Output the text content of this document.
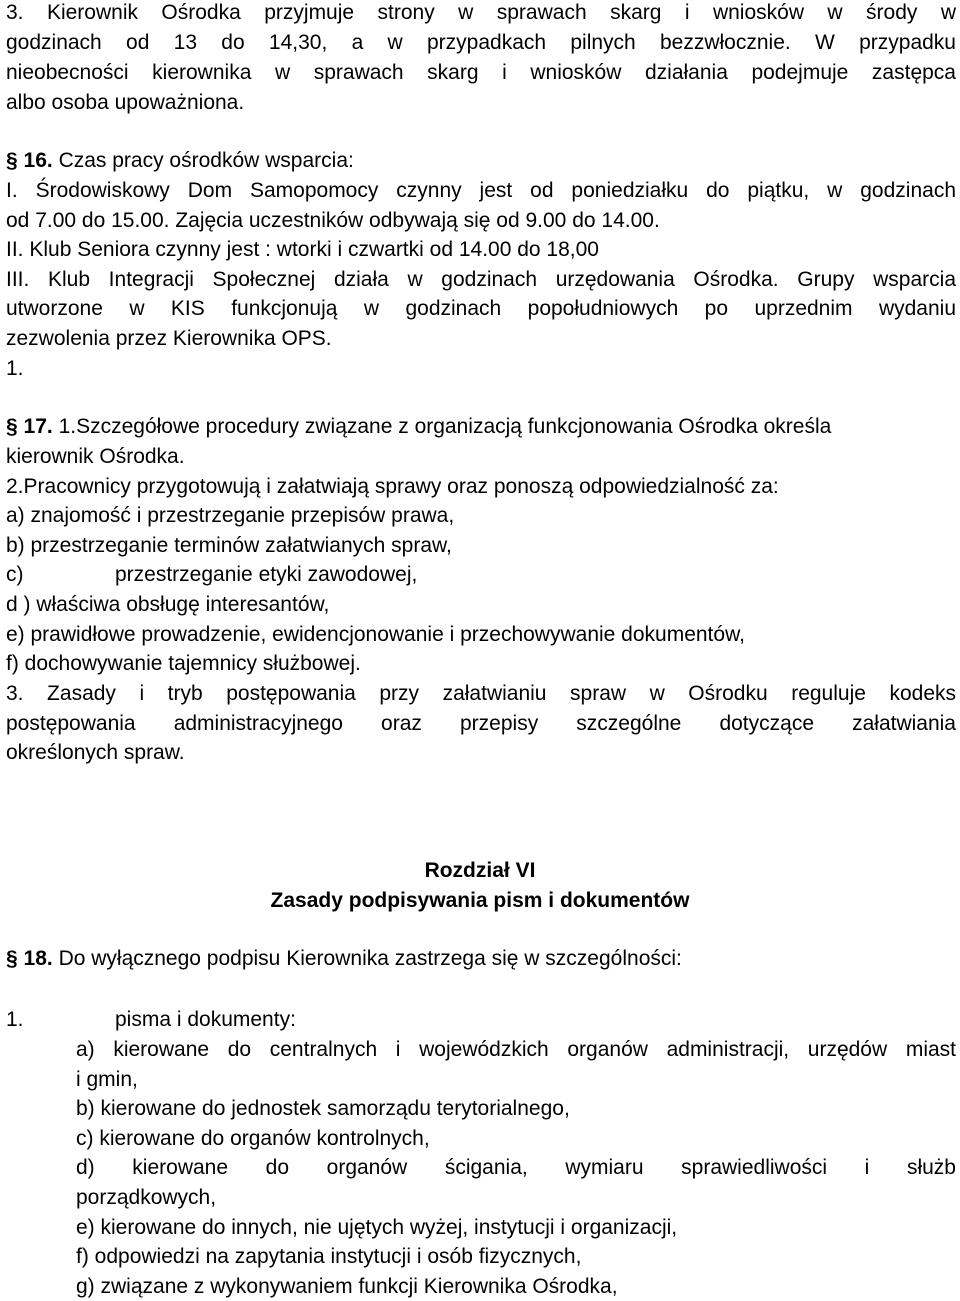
3. Kierownik Ośrodka przyjmuje strony w sprawach skarg i wniosków w środy w
godzinach od 13 do 14,30, a w przypadkach pilnych bezzwłocznie. W przypadku
nieobecności kierownika w sprawach skarg i wniosków działania podejmuje zastępca
albo osoba upoważniona.
§ 16. Czas pracy ośrodków wsparcia:
I. Środowiskowy Dom Samopomocy czynny jest od poniedziałku do piątku, w godzinach
od 7.00 do 15.00. Zajęcia uczestników odbywają się od 9.00 do 14.00.
II. Klub Seniora czynny jest : wtorki i czwartki od 14.00 do 18,00
III. Klub Integracji Społecznej działa w godzinach urzędowania Ośrodka. Grupy wsparcia
utworzone w KIS funkcjonują w godzinach popołudniowych po uprzednim wydaniu
zezwolenia przez Kierownika OPS.
1.
§ 17. 1.Szczegółowe procedury związane z organizacją funkcjonowania Ośrodka określa
kierownik Ośrodka.
2.Pracownicy przygotowują i załatwiają sprawy oraz ponoszą odpowiedzialność za:
a) znajomość i przestrzeganie przepisów prawa,
b) przestrzeganie terminów załatwianych spraw,
c)	przestrzeganie etyki zawodowej,
d ) właściwa obsługę interesantów,
e) prawidłowe prowadzenie, ewidencjonowanie i przechowywanie dokumentów,
f) dochowywanie tajemnicy służbowej.
3. Zasady i tryb postępowania przy załatwianiu spraw w Ośrodku reguluje kodeks
postępowania administracyjnego oraz przepisy szczególne dotyczące załatwiania
określonych spraw.
Rozdział VI
Zasady podpisywania pism i dokumentów
§ 18. Do wyłącznego podpisu Kierownika zastrzega się w szczególności:
1.	pisma i dokumenty:
a) kierowane do centralnych i wojewódzkich organów administracji, urzędów miast
i gmin,
b) kierowane do jednostek samorządu terytorialnego,
c) kierowane do organów kontrolnych,
d) kierowane do organów ścigania, wymiaru sprawiedliwości i służb
porządkowych,
e) kierowane do innych, nie ujętych wyżej, instytucji i organizacji,
f) odpowiedzi na zapytania instytucji i osób fizycznych,
g) związane z wykonywaniem funkcji Kierownika Ośrodka,
